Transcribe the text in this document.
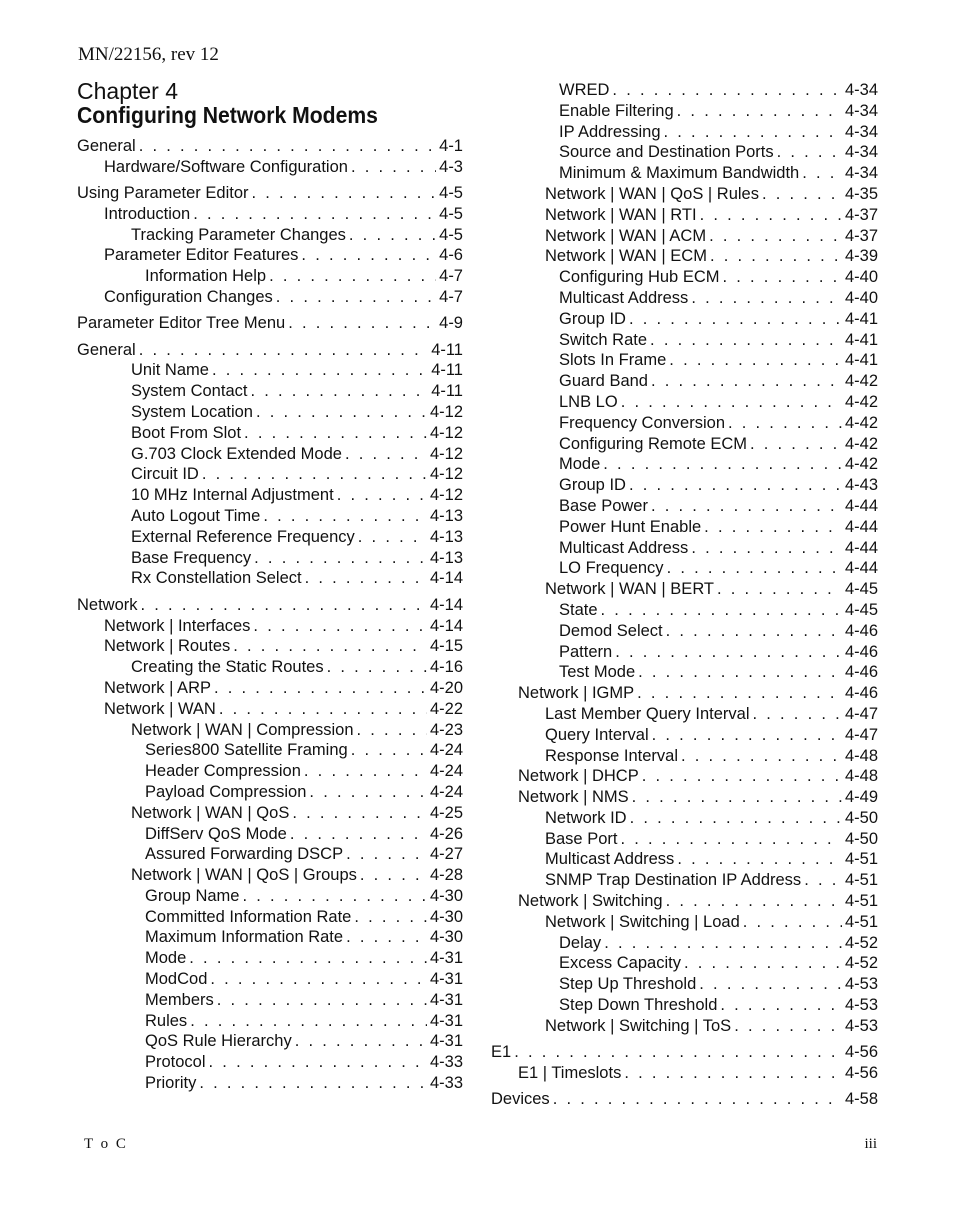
MN/22156, rev 12
Chapter 4
Configuring Network Modems
General . . .	4-1
Hardware/Software Configuration . . .	4-3
Using Parameter Editor . . .	4-5
Introduction . . .	4-5
Tracking Parameter Changes . . .	4-5
Parameter Editor Features . . .	4-6
Information Help . . .	4-7
Configuration Changes . . .	4-7
Parameter Editor Tree Menu . . .	4-9
General . . .	4-11
Unit Name . . .	4-11
System Contact . . .	4-11
System Location . . .	4-12
Boot From Slot . . .	4-12
G.703 Clock Extended Mode . . .	4-12
Circuit ID . . .	4-12
10 MHz Internal Adjustment . . .	4-12
Auto Logout Time . . .	4-13
External Reference Frequency . . .	4-13
Base Frequency . . .	4-13
Rx Constellation Select . . .	4-14
Network . . .	4-14
Network | Interfaces . . .	4-14
Network | Routes . . .	4-15
Creating the Static Routes . . .	4-16
Network | ARP . . .	4-20
Network | WAN . . .	4-22
Network | WAN | Compression . . .	4-23
Series800 Satellite Framing . . .	4-24
Header Compression . . .	4-24
Payload Compression . . .	4-24
Network | WAN | QoS . . .	4-25
DiffServ QoS Mode . . .	4-26
Assured Forwarding DSCP . . .	4-27
Network | WAN | QoS | Groups . . .	4-28
Group Name . . .	4-30
Committed Information Rate . . .	4-30
Maximum Information Rate . . .	4-30
Mode . . .	4-31
ModCod . . .	4-31
Members . . .	4-31
Rules . . .	4-31
QoS Rule Hierarchy . . .	4-31
Protocol . . .	4-33
Priority . . .	4-33
WRED . . .	4-34
Enable Filtering . . .	4-34
IP Addressing . . .	4-34
Source and Destination Ports . . .	4-34
Minimum & Maximum Bandwidth . . .	4-34
Network | WAN | QoS | Rules . . .	4-35
Network | WAN | RTI . . .	4-37
Network | WAN | ACM . . .	4-37
Network | WAN | ECM . . .	4-39
Configuring Hub ECM . . .	4-40
Multicast Address . . .	4-40
Group ID . . .	4-41
Switch Rate . . .	4-41
Slots In Frame . . .	4-41
Guard Band . . .	4-42
LNB LO . . .	4-42
Frequency Conversion . . .	4-42
Configuring Remote ECM . . .	4-42
Mode . . .	4-42
Group ID . . .	4-43
Base Power . . .	4-44
Power Hunt Enable . . .	4-44
Multicast Address . . .	4-44
LO Frequency . . .	4-44
Network | WAN | BERT . . .	4-45
State . . .	4-45
Demod Select . . .	4-46
Pattern . . .	4-46
Test Mode . . .	4-46
Network | IGMP . . .	4-46
Last Member Query Interval . . .	4-47
Query Interval . . .	4-47
Response Interval . . .	4-48
Network | DHCP . . .	4-48
Network | NMS . . .	4-49
Network ID . . .	4-50
Base Port . . .	4-50
Multicast Address . . .	4-51
SNMP Trap Destination IP Address . . .	4-51
Network | Switching . . .	4-51
Network | Switching | Load . . .	4-51
Delay . . .	4-52
Excess Capacity . . .	4-52
Step Up Threshold . . .	4-53
Step Down Threshold . . .	4-53
Network | Switching | ToS . . .	4-53
E1 . . .	4-56
E1 | Timeslots . . .	4-56
Devices . . .	4-58
T o C	iii
